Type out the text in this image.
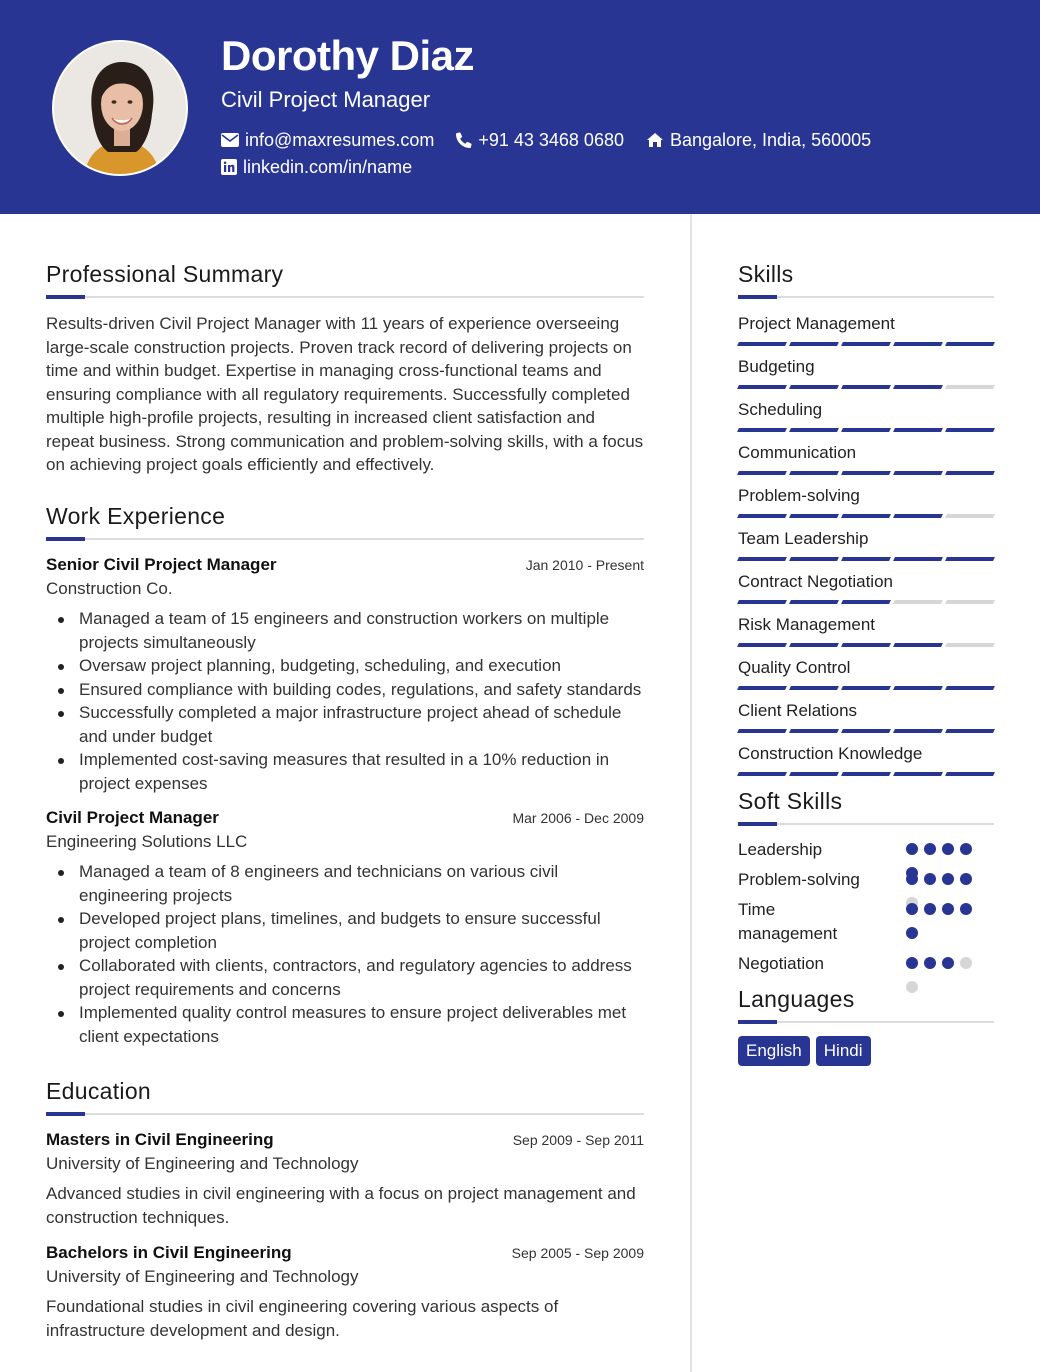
Dorothy Diaz
Civil Project Manager
info@maxresumes.com +91 43 3468 0680	Bangalore, India, 560005
linkedin.com/in/name
Professional Summary

Results-driven Civil Project Manager with 11 years of experience overseeing large-scale construction projects. Proven track record of delivering projects on time and within budget. Expertise in managing cross-functional teams and ensuring compliance with all regulatory requirements. Successfully completed multiple high-profile projects, resulting in increased client satisfaction and repeat business. Strong communication and problem-solving skills, with a focus on achieving project goals efficiently and effectively.

Work Experience
Senior Civil Project Manager	Jan 2010 - Present
Construction Co.
Managed a team of 15 engineers and construction workers on multiple projects simultaneously
Oversaw project planning, budgeting, scheduling, and execution
Ensured compliance with building codes, regulations, and safety standards
Successfully completed a major infrastructure project ahead of schedule and under budget
Implemented cost-saving measures that resulted in a 10% reduction in project expenses
Civil Project Manager	Mar 2006 - Dec 2009
Engineering Solutions LLC
Managed a team of 8 engineers and technicians on various civil engineering projects
Developed project plans, timelines, and budgets to ensure successful project completion
Collaborated with clients, contractors, and regulatory agencies to address project requirements and concerns
Implemented quality control measures to ensure project deliverables met client expectations
Education
Masters in Civil Engineering	Sep 2009 - Sep 2011
University of Engineering and Technology

Advanced studies in civil engineering with a focus on project management and construction techniques.

Bachelors in Civil Engineering	Sep 2005 - Sep 2009
University of Engineering and Technology

Foundational studies in civil engineering covering various aspects of infrastructure development and design.

Skills
Project Management
Budgeting
Scheduling
Communication
Problem-solving
Team Leadership
Contract Negotiation
Risk Management
Quality Control
Client Relations
Construction Knowledge
Soft Skills
Leadership
Problem-solving
Time management
Negotiation
Languages
English	Hindi
